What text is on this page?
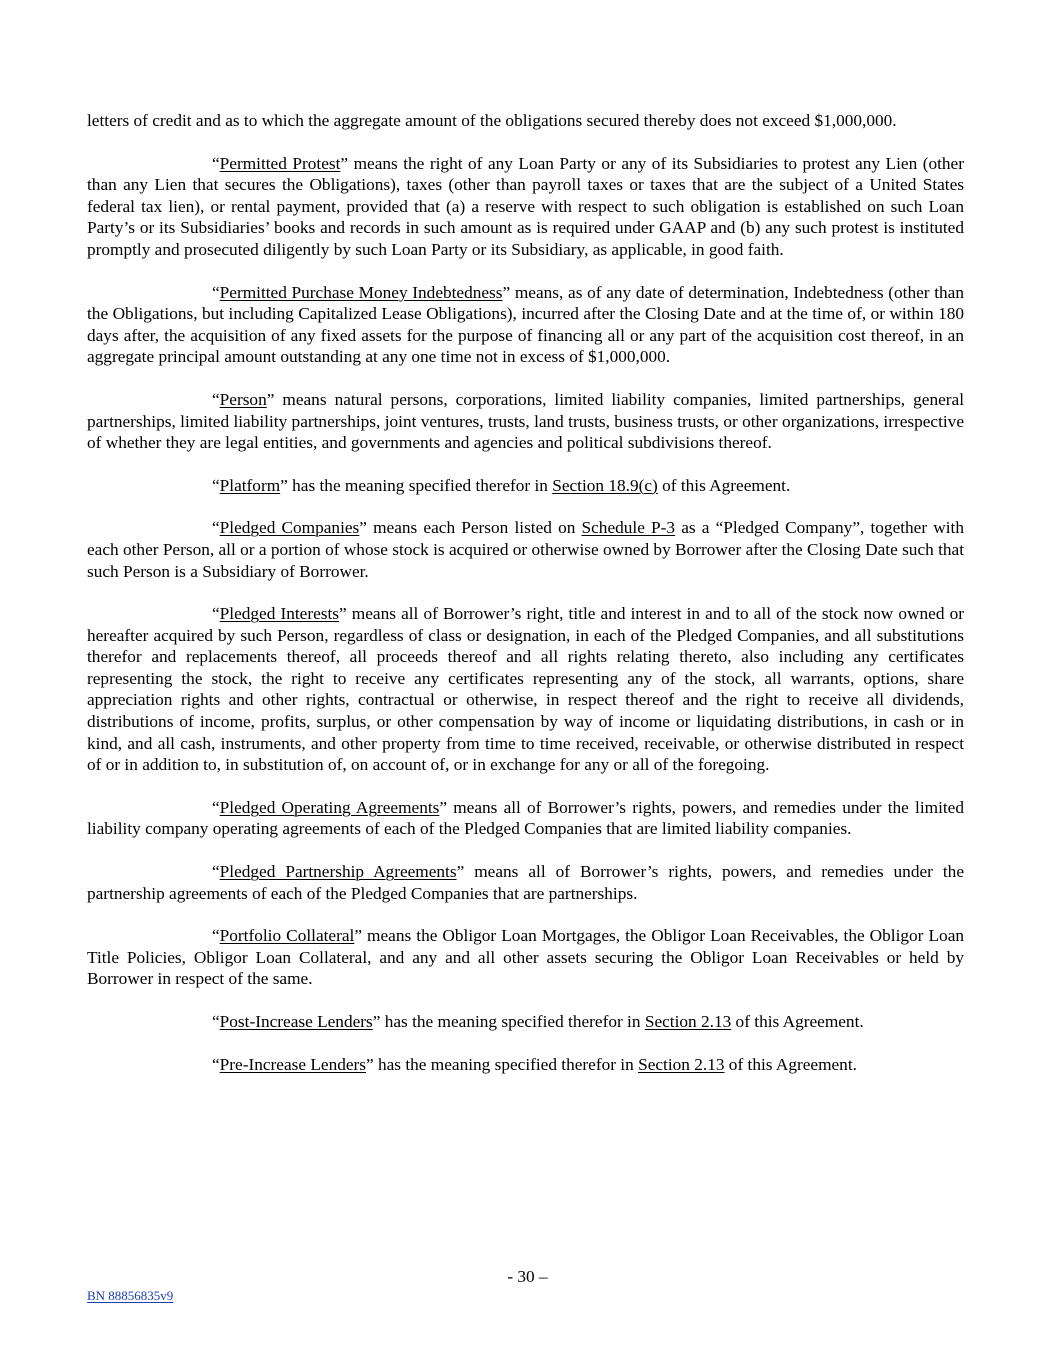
letters of credit and as to which the aggregate amount of the obligations secured thereby does not exceed $1,000,000.

“Permitted Protest” means the right of any Loan Party or any of its Subsidiaries to protest any Lien (other than any Lien that secures the Obligations), taxes (other than payroll taxes or taxes that are the subject of a United States federal tax lien), or rental payment, provided that (a) a reserve with respect to such obligation is established on such Loan Party’s or its Subsidiaries’ books and records in such amount as is required under GAAP and (b) any such protest is instituted promptly and prosecuted diligently by such Loan Party or its Subsidiary, as applicable, in good faith.

“Permitted Purchase Money Indebtedness” means, as of any date of determination, Indebtedness (other than the Obligations, but including Capitalized Lease Obligations), incurred after the Closing Date and at the time of, or within 180 days after, the acquisition of any fixed assets for the purpose of financing all or any part of the acquisition cost thereof, in an aggregate principal amount outstanding at any one time not in excess of $1,000,000.

“Person” means natural persons, corporations, limited liability companies, limited partnerships, general partnerships, limited liability partnerships, joint ventures, trusts, land trusts, business trusts, or other organizations, irrespective of whether they are legal entities, and governments and agencies and political subdivisions thereof.

“Platform” has the meaning specified therefor in Section 18.9(c) of this Agreement.

“Pledged Companies” means each Person listed on Schedule P-3 as a “Pledged Company”, together with each other Person, all or a portion of whose stock is acquired or otherwise owned by Borrower after the Closing Date such that such Person is a Subsidiary of Borrower.

“Pledged Interests” means all of Borrower’s right, title and interest in and to all of the stock now owned or hereafter acquired by such Person, regardless of class or designation, in each of the Pledged Companies, and all substitutions therefor and replacements thereof, all proceeds thereof and all rights relating thereto, also including any certificates representing the stock, the right to receive any certificates representing any of the stock, all warrants, options, share appreciation rights and other rights, contractual or otherwise, in respect thereof and the right to receive all dividends, distributions of income, profits, surplus, or other compensation by way of income or liquidating distributions, in cash or in kind, and all cash, instruments, and other property from time to time received, receivable, or otherwise distributed in respect of or in addition to, in substitution of, on account of, or in exchange for any or all of the foregoing.

“Pledged Operating Agreements” means all of Borrower’s rights, powers, and remedies under the limited liability company operating agreements of each of the Pledged Companies that are limited liability companies.

“Pledged Partnership Agreements” means all of Borrower’s rights, powers, and remedies under the partnership agreements of each of the Pledged Companies that are partnerships.

“Portfolio Collateral” means the Obligor Loan Mortgages, the Obligor Loan Receivables, the Obligor Loan Title Policies, Obligor Loan Collateral, and any and all other assets securing the Obligor Loan Receivables or held by Borrower in respect of the same.

“Post-Increase Lenders” has the meaning specified therefor in Section 2.13 of this Agreement.

“Pre-Increase Lenders” has the meaning specified therefor in Section 2.13 of this Agreement.

- 30 –
BN 88856835v9
